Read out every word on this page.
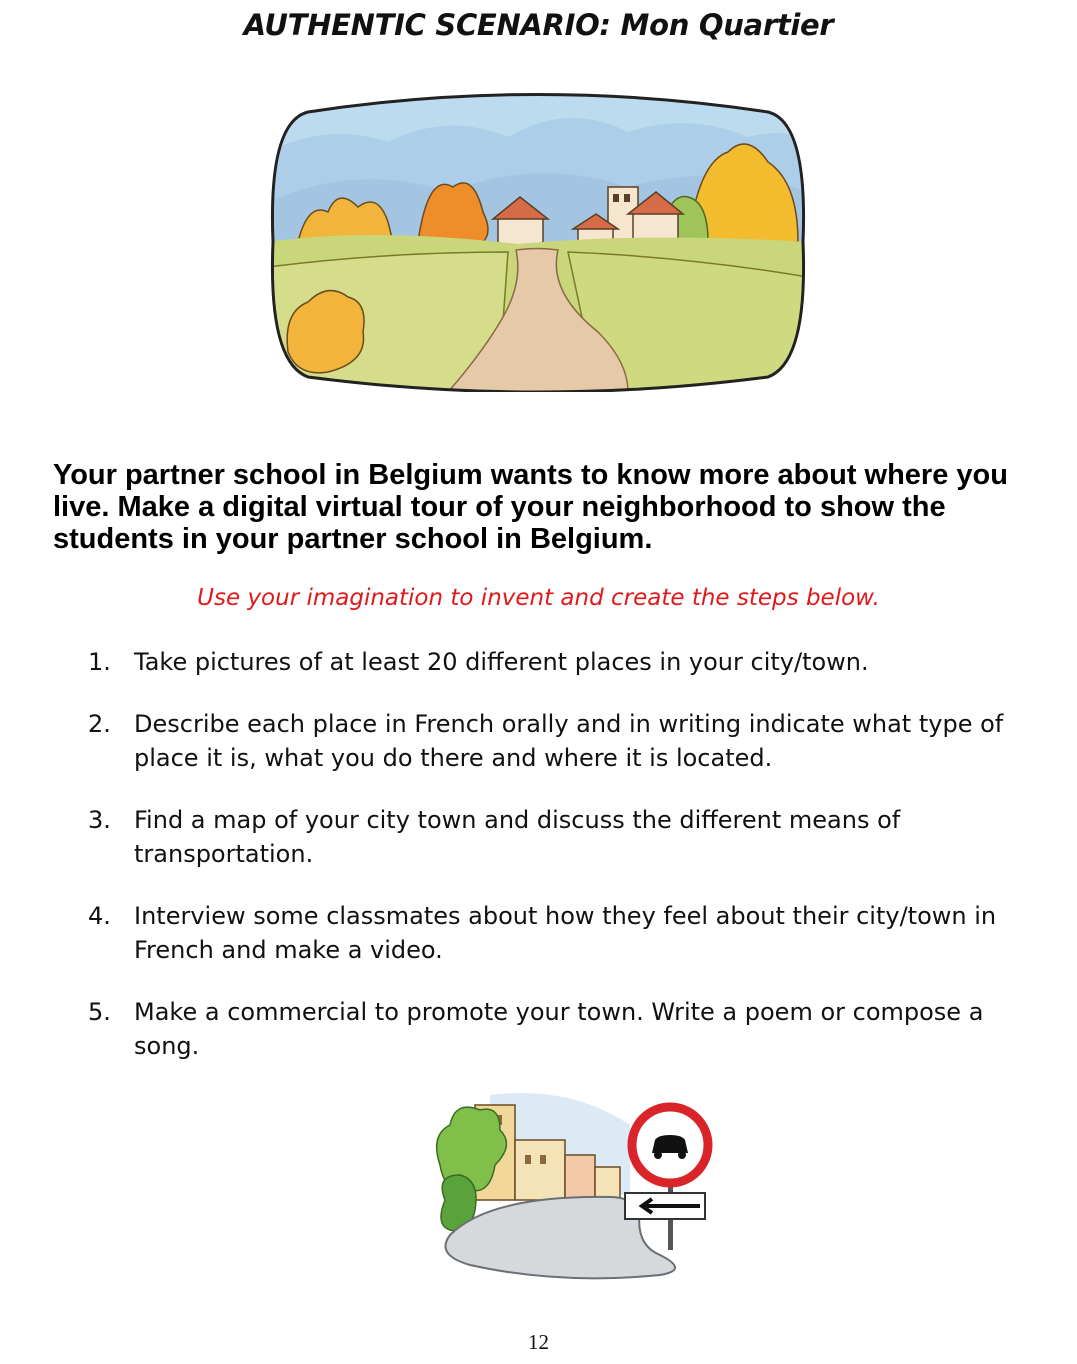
AUTHENTIC SCENARIO: Mon Quartier

Your partner school in Belgium wants to know more about where you live. Make a digital virtual tour of your neighborhood to show the students in your partner school in Belgium.

Use your imagination to invent and create the steps below.

1. Take pictures of at least 20 different places in your city/town.
2. Describe each place in French orally and in writing indicate what type of place it is, what you do there and where it is located.
3. Find a map of your city town and discuss the different means of transportation.
4. Interview some classmates about how they feel about their city/town in French and make a video.
5. Make a commercial to promote your town. Write a poem or compose a song.
12
